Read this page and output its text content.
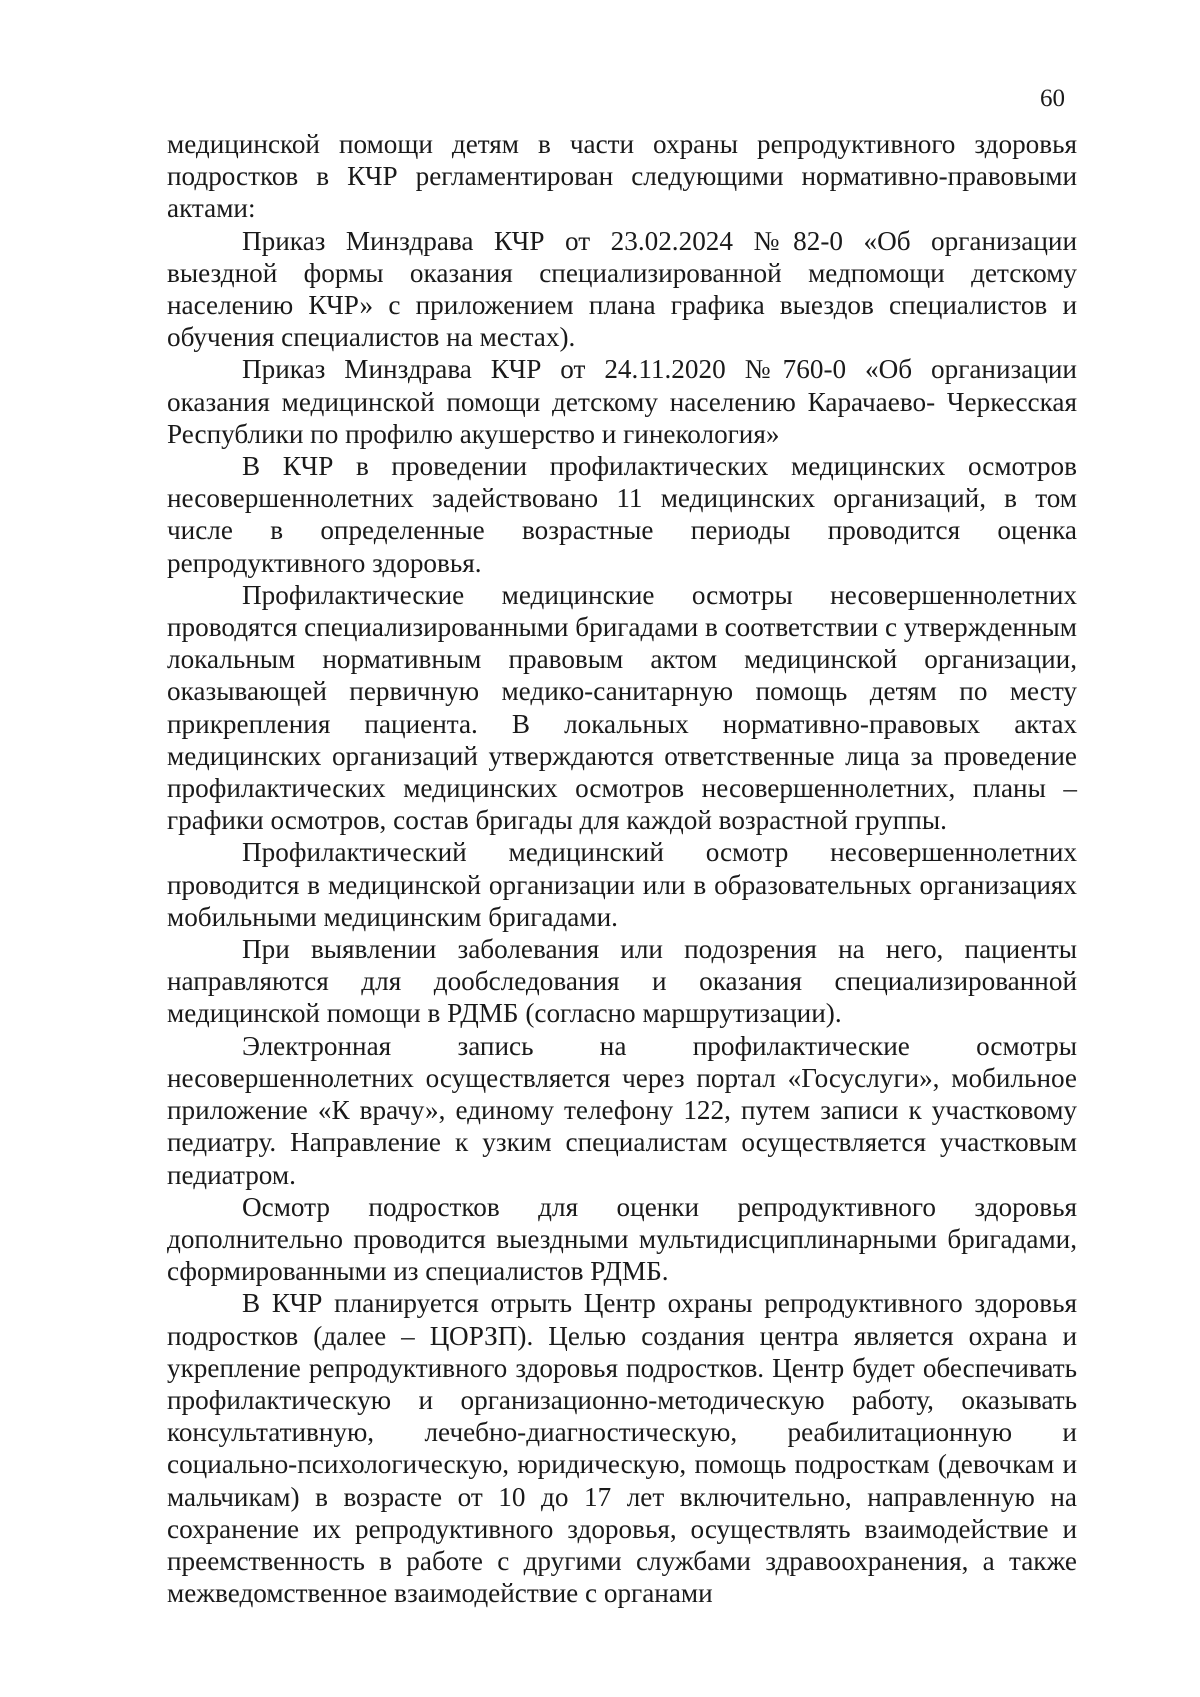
60

медицинской помощи детям в части охраны репродуктивного здоровья подростков в КЧР регламентирован следующими нормативно-правовыми актами:

Приказ Минздрава КЧР от 23.02.2024 №82-0 «Об организации выездной формы оказания специализированной медпомощи детскому населению КЧР» с приложением плана графика выездов специалистов и обучения специалистов на местах).

Приказ Минздрава КЧР от 24.11.2020 №760-0 «Об организации оказания медицинской помощи детскому населению Карачаево- Черкесская Республики по профилю акушерство и гинекология»

В КЧР в проведении профилактических медицинских осмотров несовершеннолетних задействовано 11 медицинских организаций, в том числе в определенные возрастные периоды проводится оценка репродуктивного здоровья.

Профилактические медицинские осмотры несовершеннолетних проводятся специализированными бригадами в соответствии с утвержденным локальным нормативным правовым актом медицинской организации, оказывающей первичную медико-санитарную помощь детям по месту прикрепления пациента. В локальных нормативно-правовых актах медицинских организаций утверждаются ответственные лица за проведение профилактических медицинских осмотров несовершеннолетних, планы – графики осмотров, состав бригады для каждой возрастной группы.

Профилактический медицинский осмотр несовершеннолетних проводится в медицинской организации или в образовательных организациях мобильными медицинским бригадами.

При выявлении заболевания или подозрения на него, пациенты направляются для дообследования и оказания специализированной медицинской помощи в РДМБ (согласно маршрутизации).

Электронная запись на профилактические осмотры несовершеннолетних осуществляется через портал «Госуслуги», мобильное приложение «К врачу», единому телефону 122, путем записи к участковому педиатру. Направление к узким специалистам осуществляется участковым педиатром.

Осмотр подростков для оценки репродуктивного здоровья дополнительно проводится выездными мультидисциплинарными бригадами, сформированными из специалистов РДМБ.

В КЧР планируется отрыть Центр охраны репродуктивного здоровья подростков (далее – ЦОРЗП). Целью создания центра является охрана и укрепление репродуктивного здоровья подростков. Центр будет обеспечивать профилактическую и организационно-методическую работу, оказывать консультативную, лечебно-диагностическую, реабилитационную и социально-психологическую, юридическую, помощь подросткам (девочкам и мальчикам) в возрасте от 10 до 17 лет включительно, направленную на сохранение их репродуктивного здоровья, осуществлять взаимодействие и преемственность в работе с другими службами здравоохранения, а также межведомственное взаимодействие с органами
